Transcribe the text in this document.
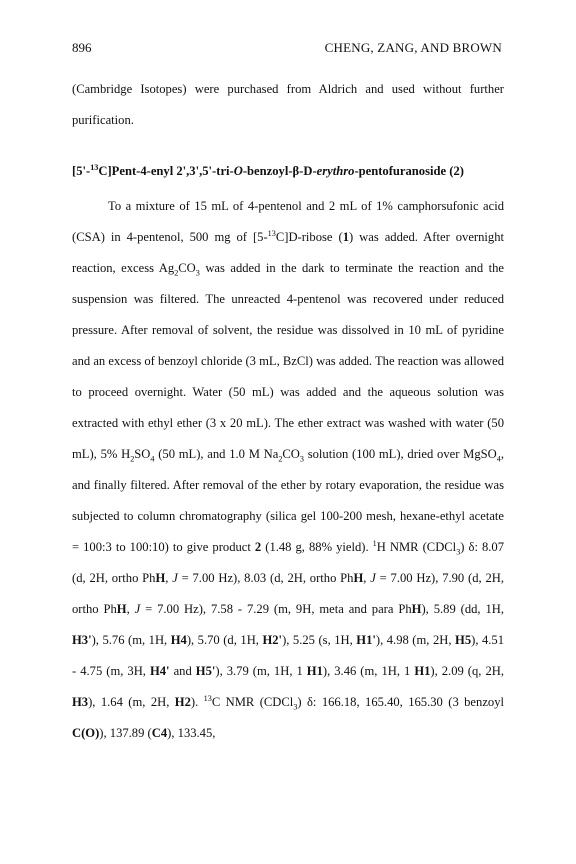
896	CHENG, ZANG, AND BROWN

(Cambridge Isotopes) were purchased from Aldrich and used without further purification.

[5'-$^{13}$C]Pent-4-enyl 2',3',5'-tri-O-benzoyl-β-D-erythro-pentofuranoside (2)

To a mixture of 15 mL of 4-pentenol and 2 mL of 1% camphorsufonic acid (CSA) in 4-pentenol, 500 mg of [5-$^{13}$C]D-ribose (1) was added. After overnight reaction, excess $Ag_2CO_3$ was added in the dark to terminate the reaction and the suspension was filtered. The unreacted 4-pentenol was recovered under reduced pressure. After removal of solvent, the residue was dissolved in 10 mL of pyridine and an excess of benzoyl chloride (3 mL, BzCl) was added. The reaction was allowed to proceed overnight. Water (50 mL) was added and the aqueous solution was extracted with ethyl ether (3 x 20 mL). The ether extract was washed with water (50 mL), 5% $H_2SO_4$ (50 mL), and 1.0 M $Na_2CO_3$ solution (100 mL), dried over MgSO$_4$, and finally filtered. After removal of the ether by rotary evaporation, the residue was subjected to column chromatography (silica gel 100-200 mesh, hexane-ethyl acetate = 100:3 to 100:10) to give product 2 (1.48 g, 88% yield). $^1$H NMR (CDCl$_3$) δ: 8.07 (d, 2H, ortho PhH, J = 7.00 Hz), 8.03 (d, 2H, ortho PhH, J = 7.00 Hz), 7.90 (d, 2H, ortho PhH, J = 7.00 Hz), 7.58 - 7.29 (m, 9H, meta and para PhH), 5.89 (dd, 1H, H3'), 5.76 (m, 1H, H4), 5.70 (d, 1H, H2'), 5.25 (s, 1H, H1'), 4.98 (m, 2H, H5), 4.51 - 4.75 (m, 3H, H4' and H5'), 3.79 (m, 1H, 1 H1), 3.46 (m, 1H, 1 H1), 2.09 (q, 2H, H3), 1.64 (m, 2H, H2). $^{13}$C NMR (CDCl$_3$) δ: 166.18, 165.40, 165.30 (3 benzoyl C(O)), 137.89 (C4), 133.45,
